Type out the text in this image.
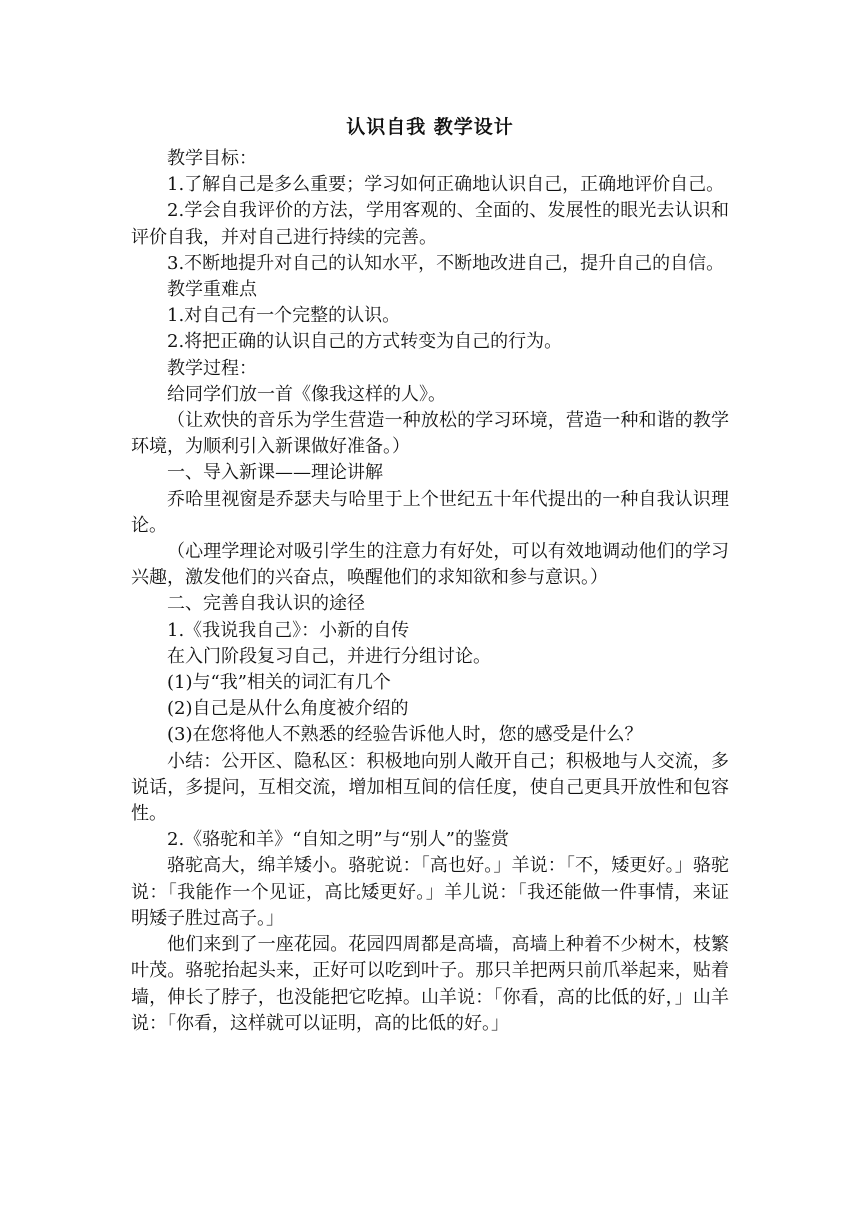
认识自我 教学设计

教学目标：

1.了解自己是多么重要；学习如何正确地认识自己，正确地评价自己。

2.学会自我评价的方法，学用客观的、全面的、发展性的眼光去认识和评价自我，并对自己进行持续的完善。

3.不断地提升对自己的认知水平，不断地改进自己，提升自己的自信。

教学重难点

1.对自己有一个完整的认识。

2.将把正确的认识自己的方式转变为自己的行为。

教学过程：

给同学们放一首《像我这样的人》。

（让欢快的音乐为学生营造一种放松的学习环境，营造一种和谐的教学环境，为顺利引入新课做好准备。）

一、导入新课——理论讲解

乔哈里视窗是乔瑟夫与哈里于上个世纪五十年代提出的一种自我认识理论。

（心理学理论对吸引学生的注意力有好处，可以有效地调动他们的学习兴趣，激发他们的兴奋点，唤醒他们的求知欲和参与意识。）

二、完善自我认识的途径

1.《我说我自己》：小新的自传

在入门阶段复习自己，并进行分组讨论。

(1)与“我”相关的词汇有几个

(2)自己是从什么角度被介绍的

(3)在您将他人不熟悉的经验告诉他人时，您的感受是什么？

小结：公开区、隐私区：积极地向别人敞开自己；积极地与人交流，多说话，多提问，互相交流，增加相互间的信任度，使自己更具开放性和包容性。

2.《骆驼和羊》“自知之明”与“别人”的鉴赏

骆驼高大，绵羊矮小。骆驼说：「高也好。」羊说：「不，矮更好。」骆驼说：「我能作一个见证，高比矮更好。」羊儿说：「我还能做一件事情，来证明矮子胜过高子。」

他们来到了一座花园。花园四周都是高墙，高墙上种着不少树木，枝繁叶茂。骆驼抬起头来，正好可以吃到叶子。那只羊把两只前爪举起来，贴着墙，伸长了脖子，也没能把它吃掉。山羊说：「你看，高的比低的好，」山羊说：「你看，这样就可以证明，高的比低的好。」
